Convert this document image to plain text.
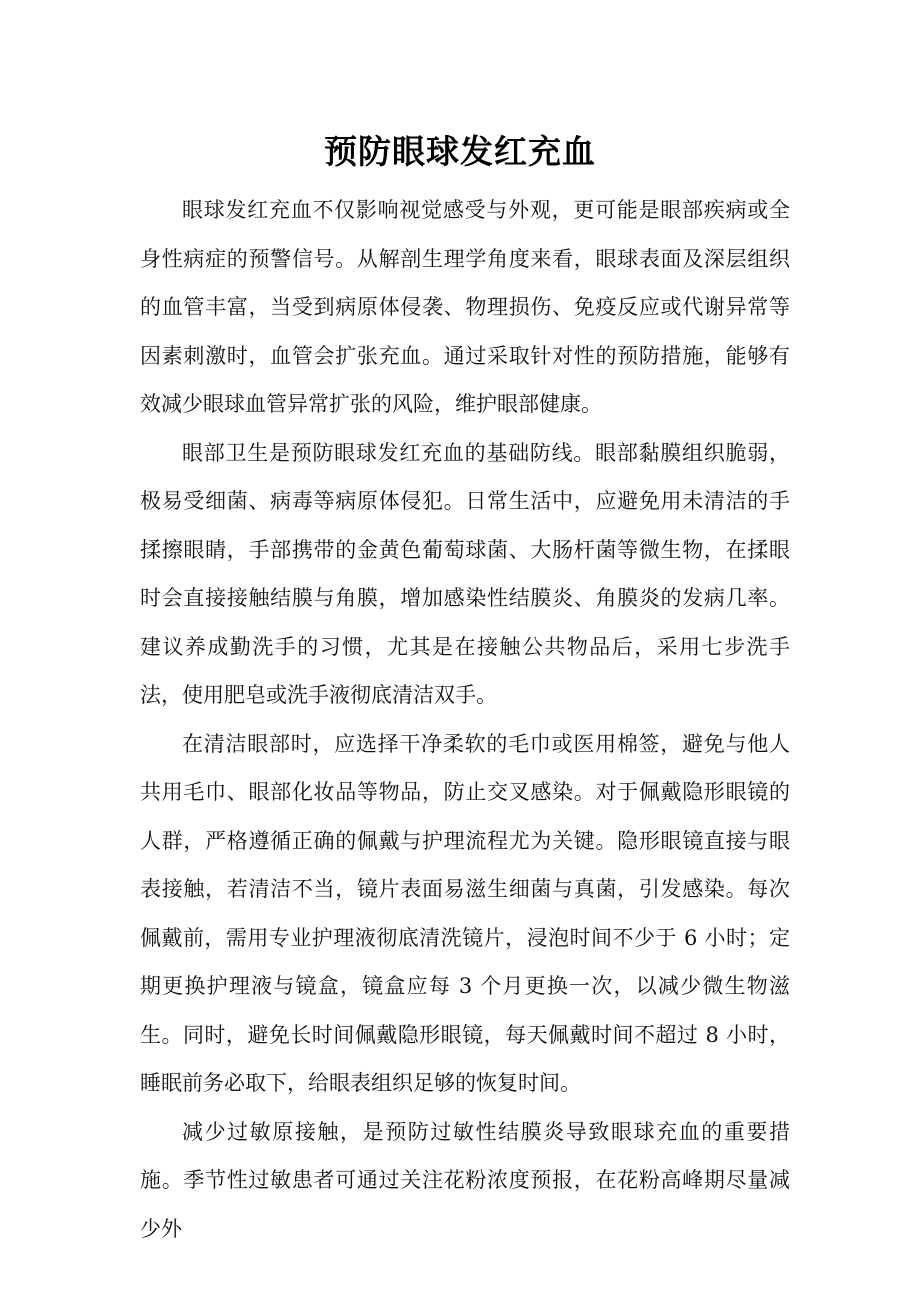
预防眼球发红充血

眼球发红充血不仅影响视觉感受与外观，更可能是眼部疾病或全身性病症的预警信号。从解剖生理学角度来看，眼球表面及深层组织的血管丰富，当受到病原体侵袭、物理损伤、免疫反应或代谢异常等因素刺激时，血管会扩张充血。通过采取针对性的预防措施，能够有效减少眼球血管异常扩张的风险，维护眼部健康。

眼部卫生是预防眼球发红充血的基础防线。眼部黏膜组织脆弱，极易受细菌、病毒等病原体侵犯。日常生活中，应避免用未清洁的手揉擦眼睛，手部携带的金黄色葡萄球菌、大肠杆菌等微生物，在揉眼时会直接接触结膜与角膜，增加感染性结膜炎、角膜炎的发病几率。建议养成勤洗手的习惯，尤其是在接触公共物品后，采用七步洗手法，使用肥皂或洗手液彻底清洁双手。

在清洁眼部时，应选择干净柔软的毛巾或医用棉签，避免与他人共用毛巾、眼部化妆品等物品，防止交叉感染。对于佩戴隐形眼镜的人群，严格遵循正确的佩戴与护理流程尤为关键。隐形眼镜直接与眼表接触，若清洁不当，镜片表面易滋生细菌与真菌，引发感染。每次佩戴前，需用专业护理液彻底清洗镜片，浸泡时间不少于 6 小时；定期更换护理液与镜盒，镜盒应每 3 个月更换一次，以减少微生物滋生。同时，避免长时间佩戴隐形眼镜，每天佩戴时间不超过 8 小时，睡眠前务必取下，给眼表组织足够的恢复时间。

减少过敏原接触，是预防过敏性结膜炎导致眼球充血的重要措施。季节性过敏患者可通过关注花粉浓度预报，在花粉高峰期尽量减少外
